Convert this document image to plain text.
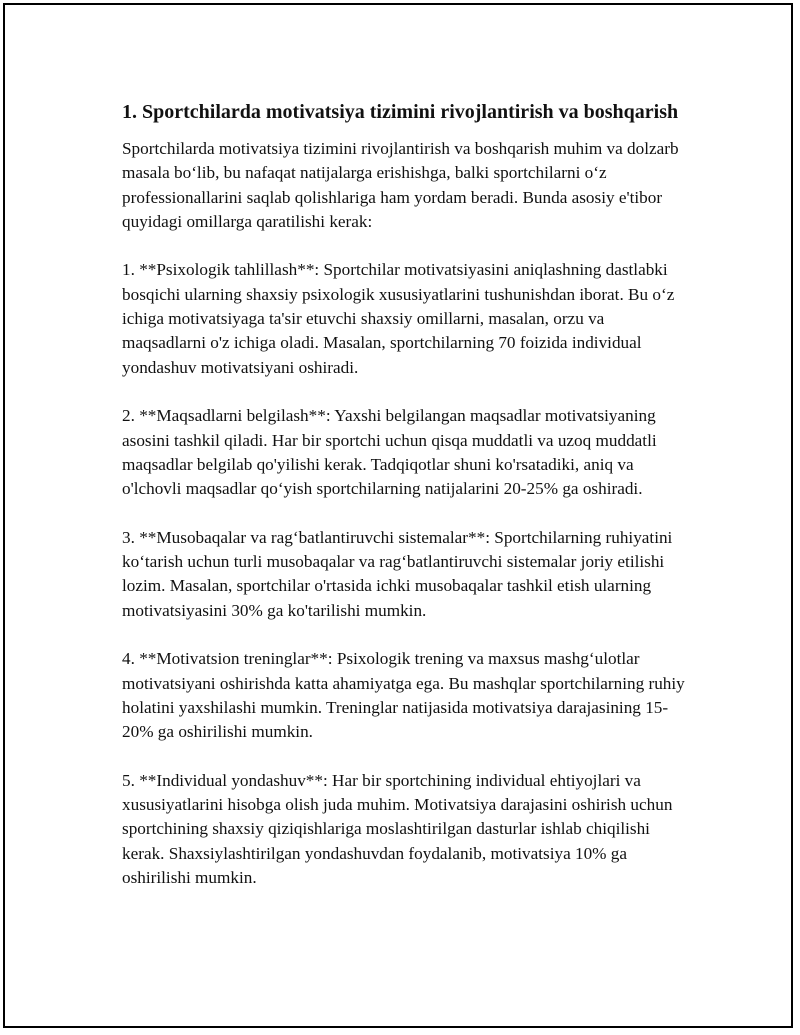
1. Sportchilarda motivatsiya tizimini rivojlantirish va boshqarish

Sportchilarda motivatsiya tizimini rivojlantirish va boshqarish muhim va dolzarb masala bo‘lib, bu nafaqat natijalarga erishishga, balki sportchilarni o‘z professionallarini saqlab qolishlariga ham yordam beradi. Bunda asosiy e'tibor quyidagi omillarga qaratilishi kerak:

1. **Psixologik tahlillash**: Sportchilar motivatsiyasini aniqlashning dastlabki bosqichi ularning shaxsiy psixologik xususiyatlarini tushunishdan iborat. Bu o‘z ichiga motivatsiyaga ta'sir etuvchi shaxsiy omillarni, masalan, orzu va maqsadlarni o'z ichiga oladi. Masalan, sportchilarning 70 foizida individual yondashuv motivatsiyani oshiradi.

2. **Maqsadlarni belgilash**: Yaxshi belgilangan maqsadlar motivatsiyaning asosini tashkil qiladi. Har bir sportchi uchun qisqa muddatli va uzoq muddatli maqsadlar belgilab qo'yilishi kerak. Tadqiqotlar shuni ko'rsatadiki, aniq va o'lchovli maqsadlar qo‘yish sportchilarning natijalarini 20-25% ga oshiradi.

3. **Musobaqalar va rag‘batlantiruvchi sistemalar**: Sportchilarning ruhiyatini ko‘tarish uchun turli musobaqalar va rag‘batlantiruvchi sistemalar joriy etilishi lozim. Masalan, sportchilar o'rtasida ichki musobaqalar tashkil etish ularning motivatsiyasini 30% ga ko'tarilishi mumkin.

4. **Motivatsion treninglar**: Psixologik trening va maxsus mashg‘ulotlar motivatsiyani oshirishda katta ahamiyatga ega. Bu mashqlar sportchilarning ruhiy holatini yaxshilashi mumkin. Treninglar natijasida motivatsiya darajasining 15-20% ga oshirilishi mumkin.

5. **Individual yondashuv**: Har bir sportchining individual ehtiyojlari va xususiyatlarini hisobga olish juda muhim. Motivatsiya darajasini oshirish uchun sportchining shaxsiy qiziqishlariga moslashtirilgan dasturlar ishlab chiqilishi kerak. Shaxsiylashtirilgan yondashuvdan foydalanib, motivatsiya 10% ga oshirilishi mumkin.
